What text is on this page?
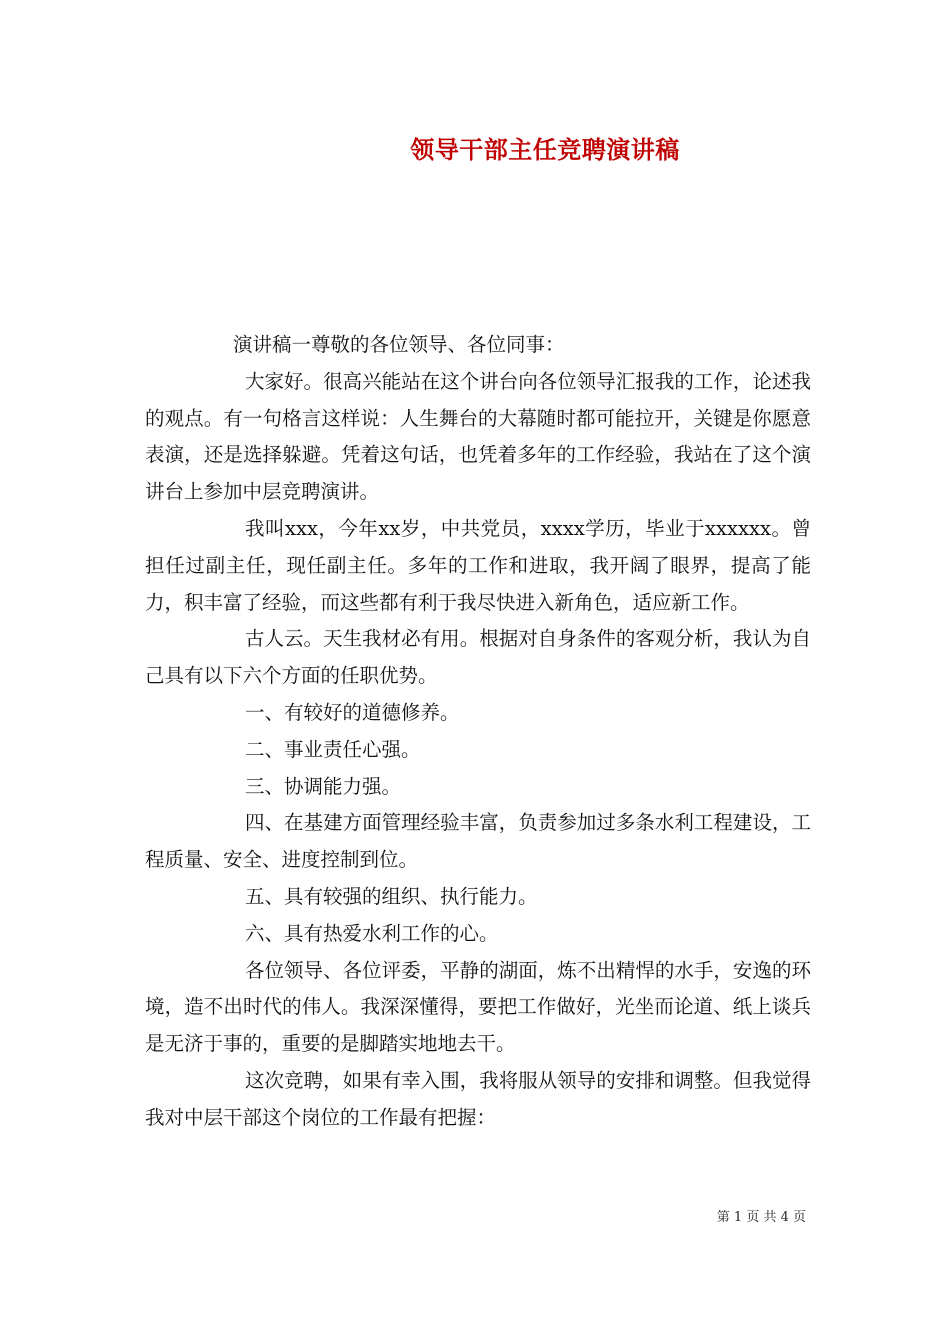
领导干部主任竞聘演讲稿

演讲稿一尊敬的各位领导、各位同事：

大家好。很高兴能站在这个讲台向各位领导汇报我的工作，论述我的观点。有一句格言这样说：人生舞台的大幕随时都可能拉开，关键是你愿意表演，还是选择躲避。凭着这句话，也凭着多年的工作经验，我站在了这个演讲台上参加中层竞聘演讲。

我叫xxx，今年xx岁，中共党员，xxxx学历，毕业于xxxxxx。曾担任过副主任，现任副主任。多年的工作和进取，我开阔了眼界，提高了能力，积丰富了经验，而这些都有利于我尽快进入新角色，适应新工作。

古人云。天生我材必有用。根据对自身条件的客观分析，我认为自己具有以下六个方面的任职优势。

一、有较好的道德修养。

二、事业责任心强。

三、协调能力强。

四、在基建方面管理经验丰富，负责参加过多条水利工程建设，工程质量、安全、进度控制到位。

五、具有较强的组织、执行能力。

六、具有热爱水利工作的心。

各位领导、各位评委，平静的湖面，炼不出精悍的水手，安逸的环境，造不出时代的伟人。我深深懂得，要把工作做好，光坐而论道、纸上谈兵是无济于事的，重要的是脚踏实地地去干。

这次竞聘，如果有幸入围，我将服从领导的安排和调整。但我觉得我对中层干部这个岗位的工作最有把握：

第 1 页 共 4 页
